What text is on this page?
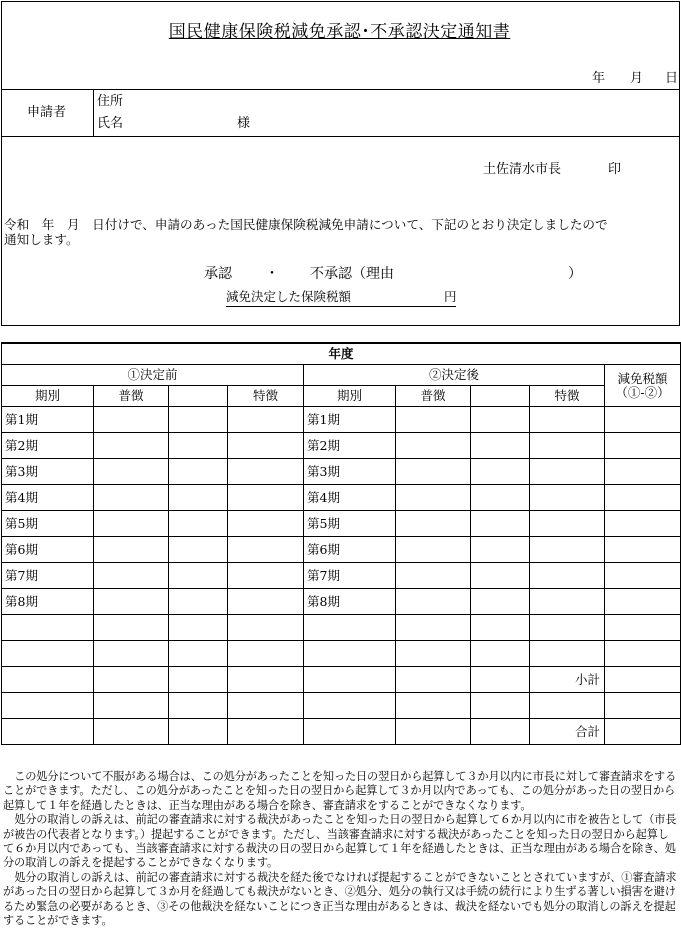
国民健康保険税減免承認･不承認決定通知書
年 月 日
申請者
住所
氏名	様
土佐清水市長	印
令和　年　月　日付けで、申請のあった国民健康保険税減免申請について、下記のとおり決定しましたので
通知します。
承認 ・ 不承認（理由	）
減免決定した保険税額	円
年度								
①決定前				②決定後				減免税額
（①-②）
期別	普徴		特徴	期別	普徴		特徴	
第1期				第1期				
第2期				第2期				
第3期				第3期				
第4期				第4期				
第5期				第5期				
第6期				第6期				
第7期				第7期				
第8期				第8期				

							小計	

							合計	

この処分について不服がある場合は、この処分があったことを知った日の翌日から起算して３か月以内に市長に対して審査請求をすることができます。ただし、この処分があったことを知った日の翌日から起算して３か月以内であっても、この処分があった日の翌日から起算して１年を経過したときは、正当な理由がある場合を除き、審査請求をすることができなくなります。

処分の取消しの訴えは、前記の審査請求に対する裁決があったことを知った日の翌日から起算して６か月以内に市を被告として（市長が被告の代表者となります。）提起することができます。ただし、当該審査請求に対する裁決があったことを知った日の翌日から起算して６か月以内であっても、当該審査請求に対する裁決の日の翌日から起算して１年を経過したときは、正当な理由がある場合を除き、処分の取消しの訴えを提起することができなくなります。

処分の取消しの訴えは、前記の審査請求に対する裁決を経た後でなければ提起することができないこととされていますが、①審査請求があった日の翌日から起算して３か月を経過しても裁決がないとき、②処分、処分の執行又は手続の続行により生ずる著しい損害を避けるため緊急の必要があるとき、③その他裁決を経ないことにつき正当な理由があるときは、裁決を経ないでも処分の取消しの訴えを提起することができます。
